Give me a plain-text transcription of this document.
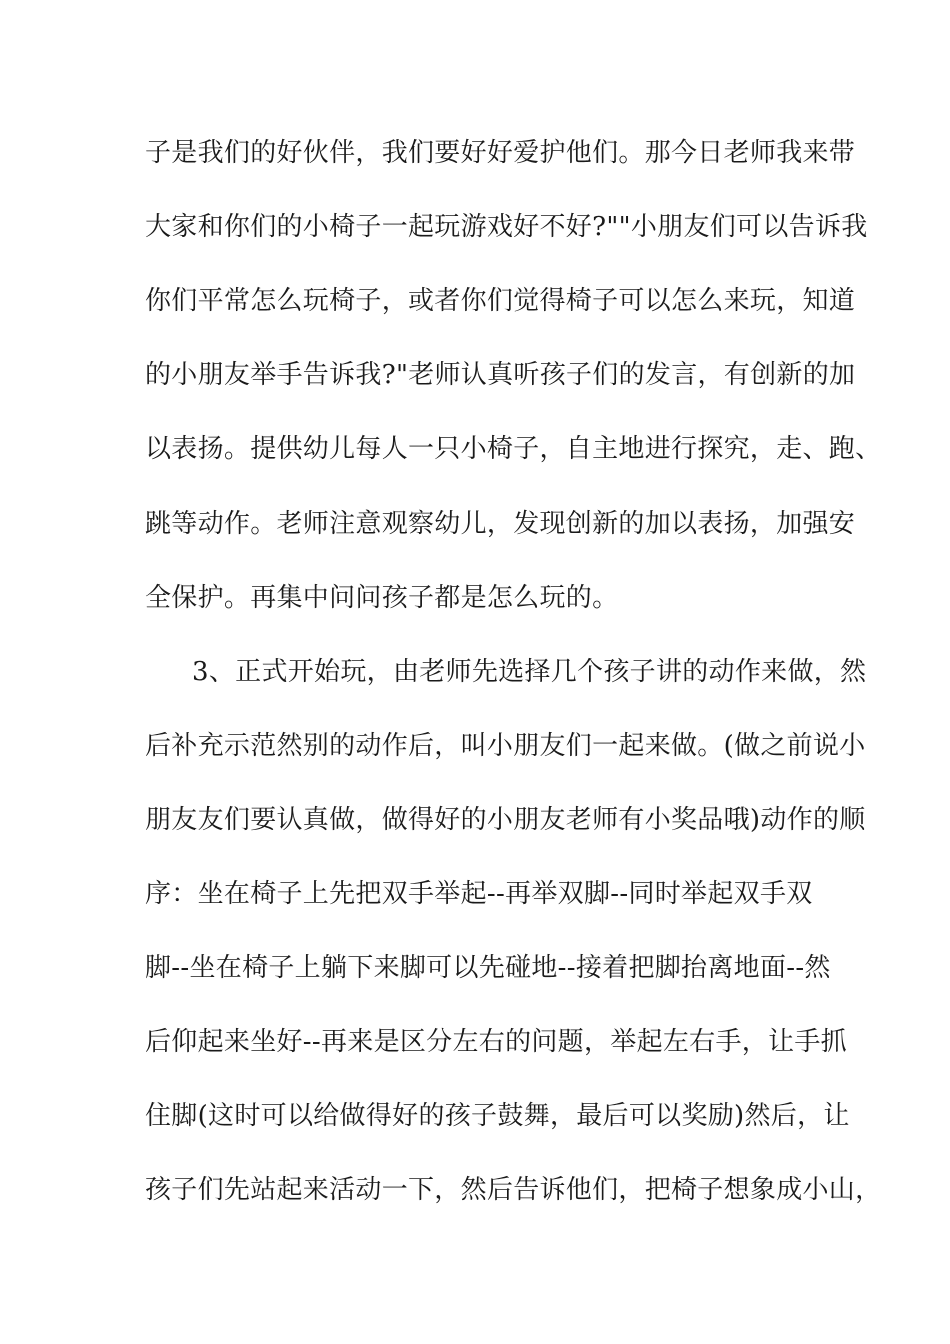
子是我们的好伙伴，我们要好好爱护他们。那今日老师我来带
大家和你们的小椅子一起玩游戏好不好?""小朋友们可以告诉我
你们平常怎么玩椅子，或者你们觉得椅子可以怎么来玩，知道
的小朋友举手告诉我?"老师认真听孩子们的发言，有创新的加
以表扬。提供幼儿每人一只小椅子，自主地进行探究，走、跑、
跳等动作。老师注意观察幼儿，发现创新的加以表扬，加强安
全保护。再集中问问孩子都是怎么玩的。
3、正式开始玩，由老师先选择几个孩子讲的动作来做，然
后补充示范然别的动作后，叫小朋友们一起来做。(做之前说小
朋友友们要认真做，做得好的小朋友老师有小奖品哦)动作的顺
序：坐在椅子上先把双手举起--再举双脚--同时举起双手双
脚--坐在椅子上躺下来脚可以先碰地--接着把脚抬离地面--然
后仰起来坐好--再来是区分左右的问题，举起左右手，让手抓
住脚(这时可以给做得好的孩子鼓舞，最后可以奖励)然后，让
孩子们先站起来活动一下，然后告诉他们，把椅子想象成小山，
